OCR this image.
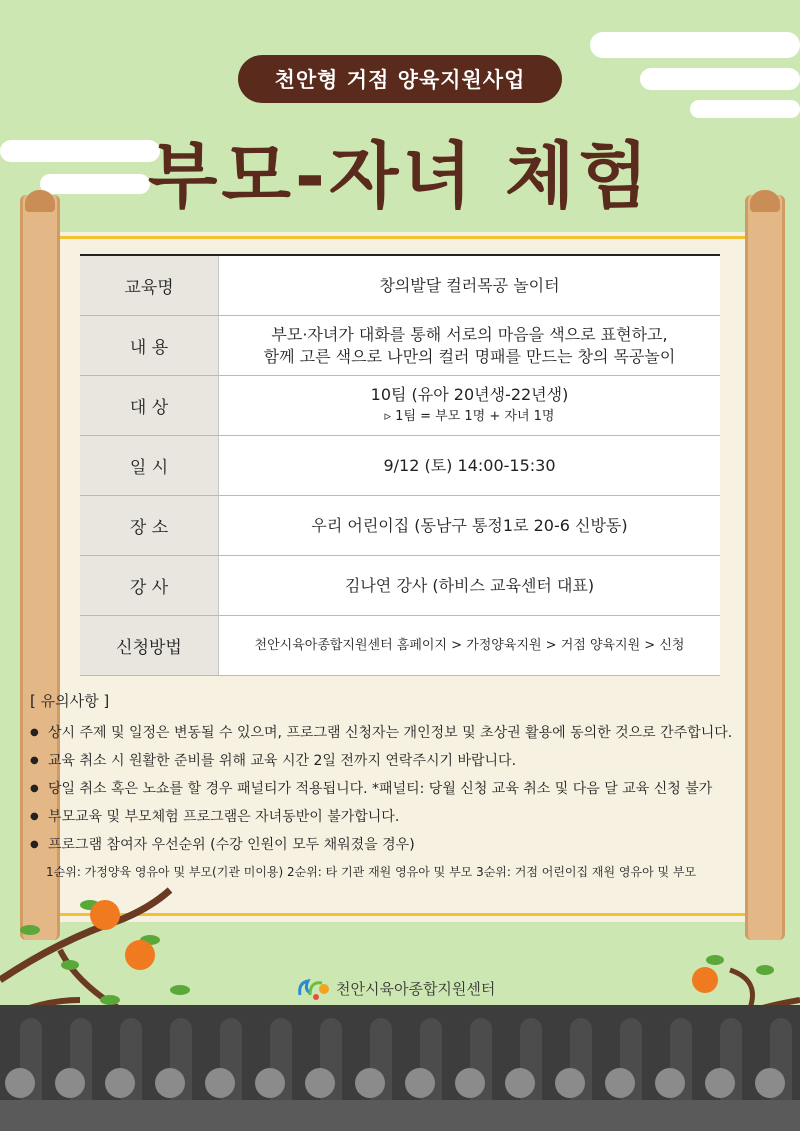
천안형 거점 양육지원사업
부모-자녀 체험
교육명	창의발달 컬러목공 놀이터
내 용	부모·자녀가 대화를 통해 서로의 마음을 색으로 표현하고,
함께 고른 색으로 나만의 컬러 명패를 만드는 창의 목공놀이

대 상	10팀 (유아 20년생-22년생)
▹ 1팀 = 부모 1명 + 자녀 1명

일 시	9/12 (토) 14:00-15:30
장 소	우리 어린이집 (동남구 통정1로 20-6 신방동)
강 사	김나연 강사 (하비스 교육센터 대표)
신청방법	천안시육아종합지원센터 홈페이지 > 가정양육지원 > 거점 양육지원 > 신청
[ 유의사항 ]
● 상시 주제 및 일정은 변동될 수 있으며, 프로그램 신청자는 개인정보 및 초상권 활용에 동의한 것으로 간주합니다.
● 교육 취소 시 원활한 준비를 위해 교육 시간 2일 전까지 연락주시기 바랍니다.
● 당일 취소 혹은 노쇼를 할 경우 패널티가 적용됩니다. *패널티: 당월 신청 교육 취소 및 다음 달 교육 신청 불가
● 부모교육 및 부모체험 프로그램은 자녀동반이 불가합니다.
● 프로그램 참여자 우선순위 (수강 인원이 모두 채워졌을 경우)
1순위: 가정양육 영유아 및 부모(기관 미이용) 2순위: 타 기관 재원 영유아 및 부모 3순위: 거점 어린이집 재원 영유아 및 부모
천안시육아종합지원센터
